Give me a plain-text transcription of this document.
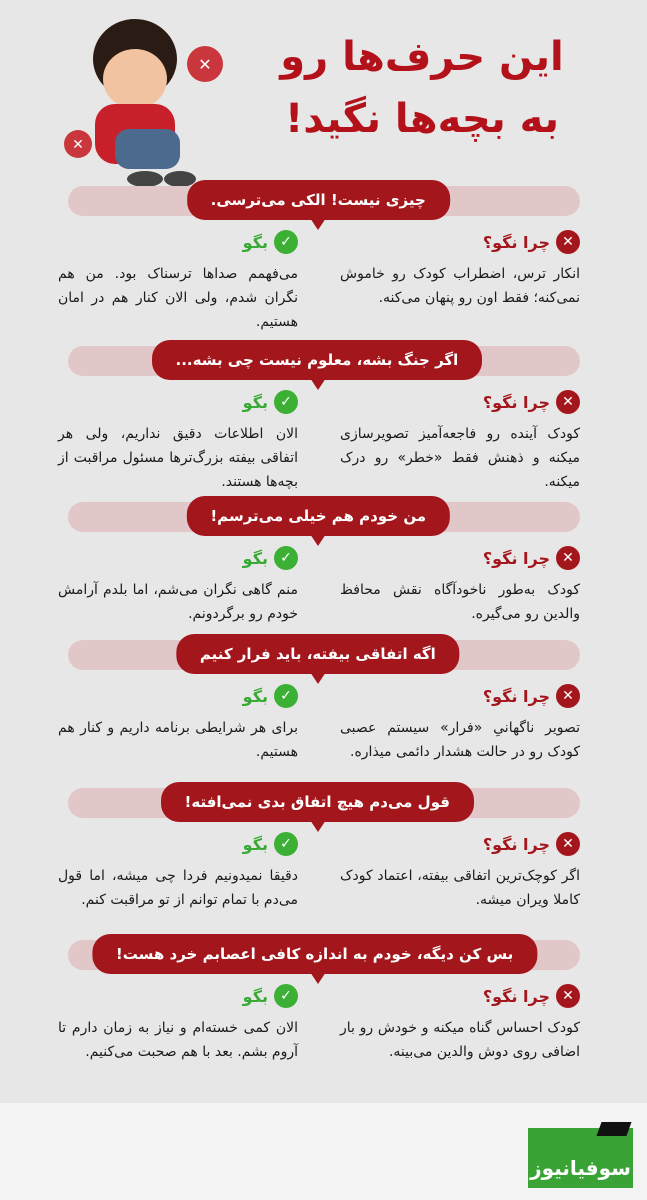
✕
✕	این حرف‌ها رو
به بچه‌ها نگید!
چیزی نیست! الکی می‌ترسی.
✕
چرا نگو؟
انکار ترس، اضطراب کودک رو خاموش نمی‌کنه؛ فقط اون رو پنهان می‌کنه.
✓
بگو
می‌فهمم صداها ترسناک بود. من هم نگران شدم، ولی الان کنار هم در امان هستیم.
اگر جنگ بشه، معلوم نیست چی بشه...
✕
چرا نگو؟
کودک آینده رو فاجعه‌آمیز تصویرسازی میکنه و ذهنش فقط «خطر» رو درک میکنه.
✓
بگو
الان اطلاعات دقیق نداریم، ولی هر اتفاقی بیفته بزرگ‌ترها مسئول مراقبت از بچه‌ها هستند.
من خودم هم خیلی می‌ترسم!
✕
چرا نگو؟
کودک به‌طور ناخودآگاه نقش محافظ والدین رو می‌گیره.
✓
بگو
منم گاهی نگران می‌شم، اما بلدم آرامش خودم رو برگردونم.
اگه اتفاقی بیفته، باید فرار کنیم
✕
چرا نگو؟
تصویر ناگهانیِ «فرار» سیستم عصبی کودک رو در حالت هشدار دائمی میذاره.
✓
بگو
برای هر شرایطی برنامه داریم و کنار هم هستیم.
قول می‌دم هیچ اتفاق بدی نمی‌افته!
✕
چرا نگو؟
اگر کوچک‌ترین اتفاقی بیفته، اعتماد کودک کاملا ویران میشه.
✓
بگو
دقیقا نمیدونیم فردا چی میشه، اما قول می‌دم با تمام توانم از تو مراقبت کنم.
بس کن دیگه، خودم به اندازه کافی اعصابم خرد هست!
✕
چرا نگو؟
کودک احساس گناه میکنه و خودش رو بار اضافی روی دوش والدین می‌بینه.
✓
بگو
الان کمی خسته‌ام و نیاز به زمان دارم تا آروم بشم. بعد با هم صحبت می‌کنیم.
سوفیانیوز
